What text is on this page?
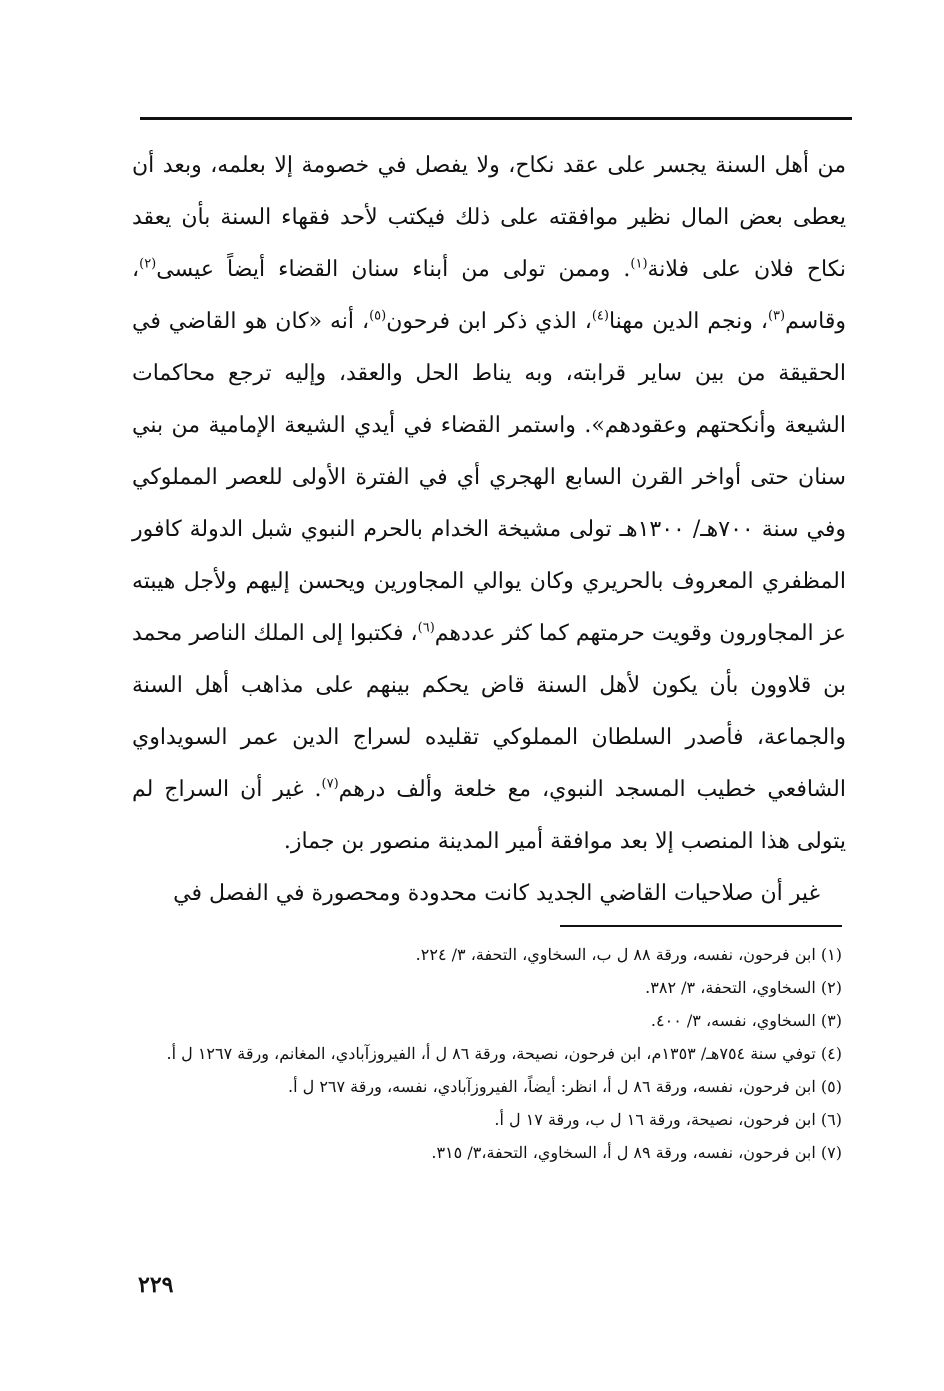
من أهل السنة يجسر على عقد نكاح، ولا يفصل في خصومة إلا بعلمه، وبعد أن يعطى بعض المال نظير موافقته على ذلك فيكتب لأحد فقهاء السنة بأن يعقد نكاح فلان على فلانة$^{(١)}$. وممن تولى من أبناء سنان القضاء أيضاً عيسى$^{(٢)}$، وقاسم$^{(٣)}$، ونجم الدين مهنا$^{(٤)}$، الذي ذكر ابن فرحون$^{(٥)}$، أنه «كان هو القاضي في الحقيقة من بين ساير قرابته، وبه يناط الحل والعقد، وإليه ترجع محاكمات الشيعة وأنكحتهم وعقودهم». واستمر القضاء في أيدي الشيعة الإمامية من بني سنان حتى أواخر القرن السابع الهجري أي في الفترة الأولى للعصر المملوكي وفي سنة ٧٠٠هـ/ ١٣٠٠هـ تولى مشيخة الخدام بالحرم النبوي شبل الدولة كافور المظفري المعروف بالحريري وكان يوالي المجاورين ويحسن إليهم ولأجل هيبته عز المجاورون وقويت حرمتهم كما كثر عددهم$^{(٦)}$، فكتبوا إلى الملك الناصر محمد بن قلاوون بأن يكون لأهل السنة قاض يحكم بينهم على مذاهب أهل السنة والجماعة، فأصدر السلطان المملوكي تقليده لسراج الدين عمر السويداوي الشافعي خطيب المسجد النبوي، مع خلعة وألف درهم$^{(٧)}$. غير أن السراج لم يتولى هذا المنصب إلا بعد موافقة أمير المدينة منصور بن جماز.

غير أن صلاحيات القاضي الجديد كانت محدودة ومحصورة في الفصل في

(١) ابن فرحون، نفسه، ورقة ٨٨ ل ب، السخاوي، التحفة، ٣/ ٢٢٤.

(٢) السخاوي، التحفة، ٣/ ٣٨٢.

(٣) السخاوي، نفسه، ٣/ ٤٠٠.

(٤) توفي سنة ٧٥٤هـ/ ١٣٥٣م، ابن فرحون، نصيحة، ورقة ٨٦ ل أ، الفيروزآبادي، المغانم، ورقة ١٢٦٧ ل أ.

(٥) ابن فرحون، نفسه، ورقة ٨٦ ل أ، انظر: أيضاً، الفيروزآبادي، نفسه، ورقة ٢٦٧ ل أ.

(٦) ابن فرحون، نصيحة، ورقة ١٦ ل ب، ورقة ١٧ ل أ.

(٧) ابن فرحون، نفسه، ورقة ٨٩ ل أ، السخاوي، التحفة،٣/ ٣١٥.

٢٢٩
